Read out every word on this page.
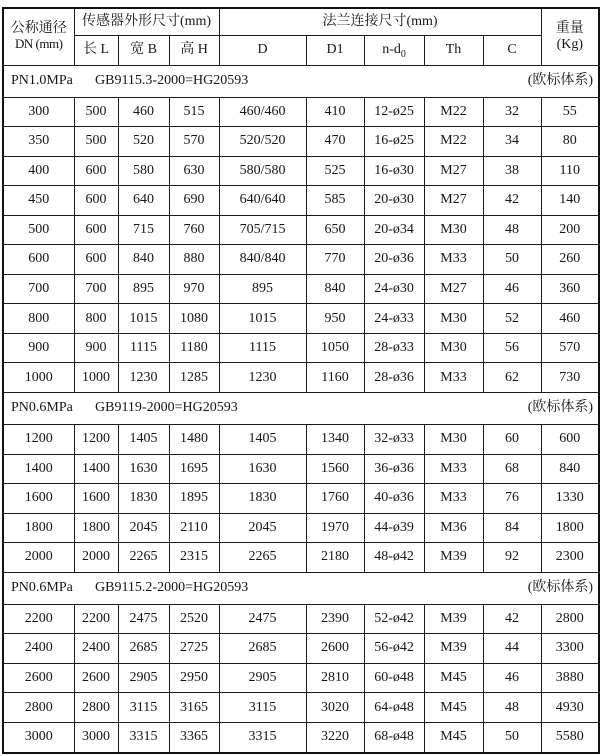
公称通径
DN (mm)
	传感器外形尺寸(mm)	法兰连接尺寸(mm)	重量
(Kg)

	长 L	宽 B	高 H	D	D1	$n-d_0$	Th	C	

PN1.0MPa GB9115.3-2000=HG20593 (欧标体系)									

300	500	460	515	460/460	410	12-ø25	M22	32	55
350	500	520	570	520/520	470	16-ø25	M22	34	80
400	600	580	630	580/580	525	16-ø30	M27	38	110
450	600	640	690	640/640	585	20-ø30	M27	42	140
500	600	715	760	705/715	650	20-ø34	M30	48	200
600	600	840	880	840/840	770	20-ø36	M33	50	260
700	700	895	970	895	840	24-ø30	M27	46	360
800	800	1015	1080	1015	950	24-ø33	M30	52	460
900	900	1115	1180	1115	1050	28-ø33	M30	56	570
1000	1000	1230	1285	1230	1160	28-ø36	M33	62	730

PN0.6MPa GB9119-2000=HG20593 (欧标体系)									

1200	1200	1405	1480	1405	1340	32-ø33	M30	60	600
1400	1400	1630	1695	1630	1560	36-ø36	M33	68	840
1600	1600	1830	1895	1830	1760	40-ø36	M33	76	1330
1800	1800	2045	2110	2045	1970	44-ø39	M36	84	1800
2000	2000	2265	2315	2265	2180	48-ø42	M39	92	2300

PN0.6MPa GB9115.2-2000=HG20593 (欧标体系)									

2200	2200	2475	2520	2475	2390	52-ø42	M39	42	2800
2400	2400	2685	2725	2685	2600	56-ø42	M39	44	3300
2600	2600	2905	2950	2905	2810	60-ø48	M45	46	3880
2800	2800	3115	3165	3115	3020	64-ø48	M45	48	4930
3000	3000	3315	3365	3315	3220	68-ø48	M45	50	5580
